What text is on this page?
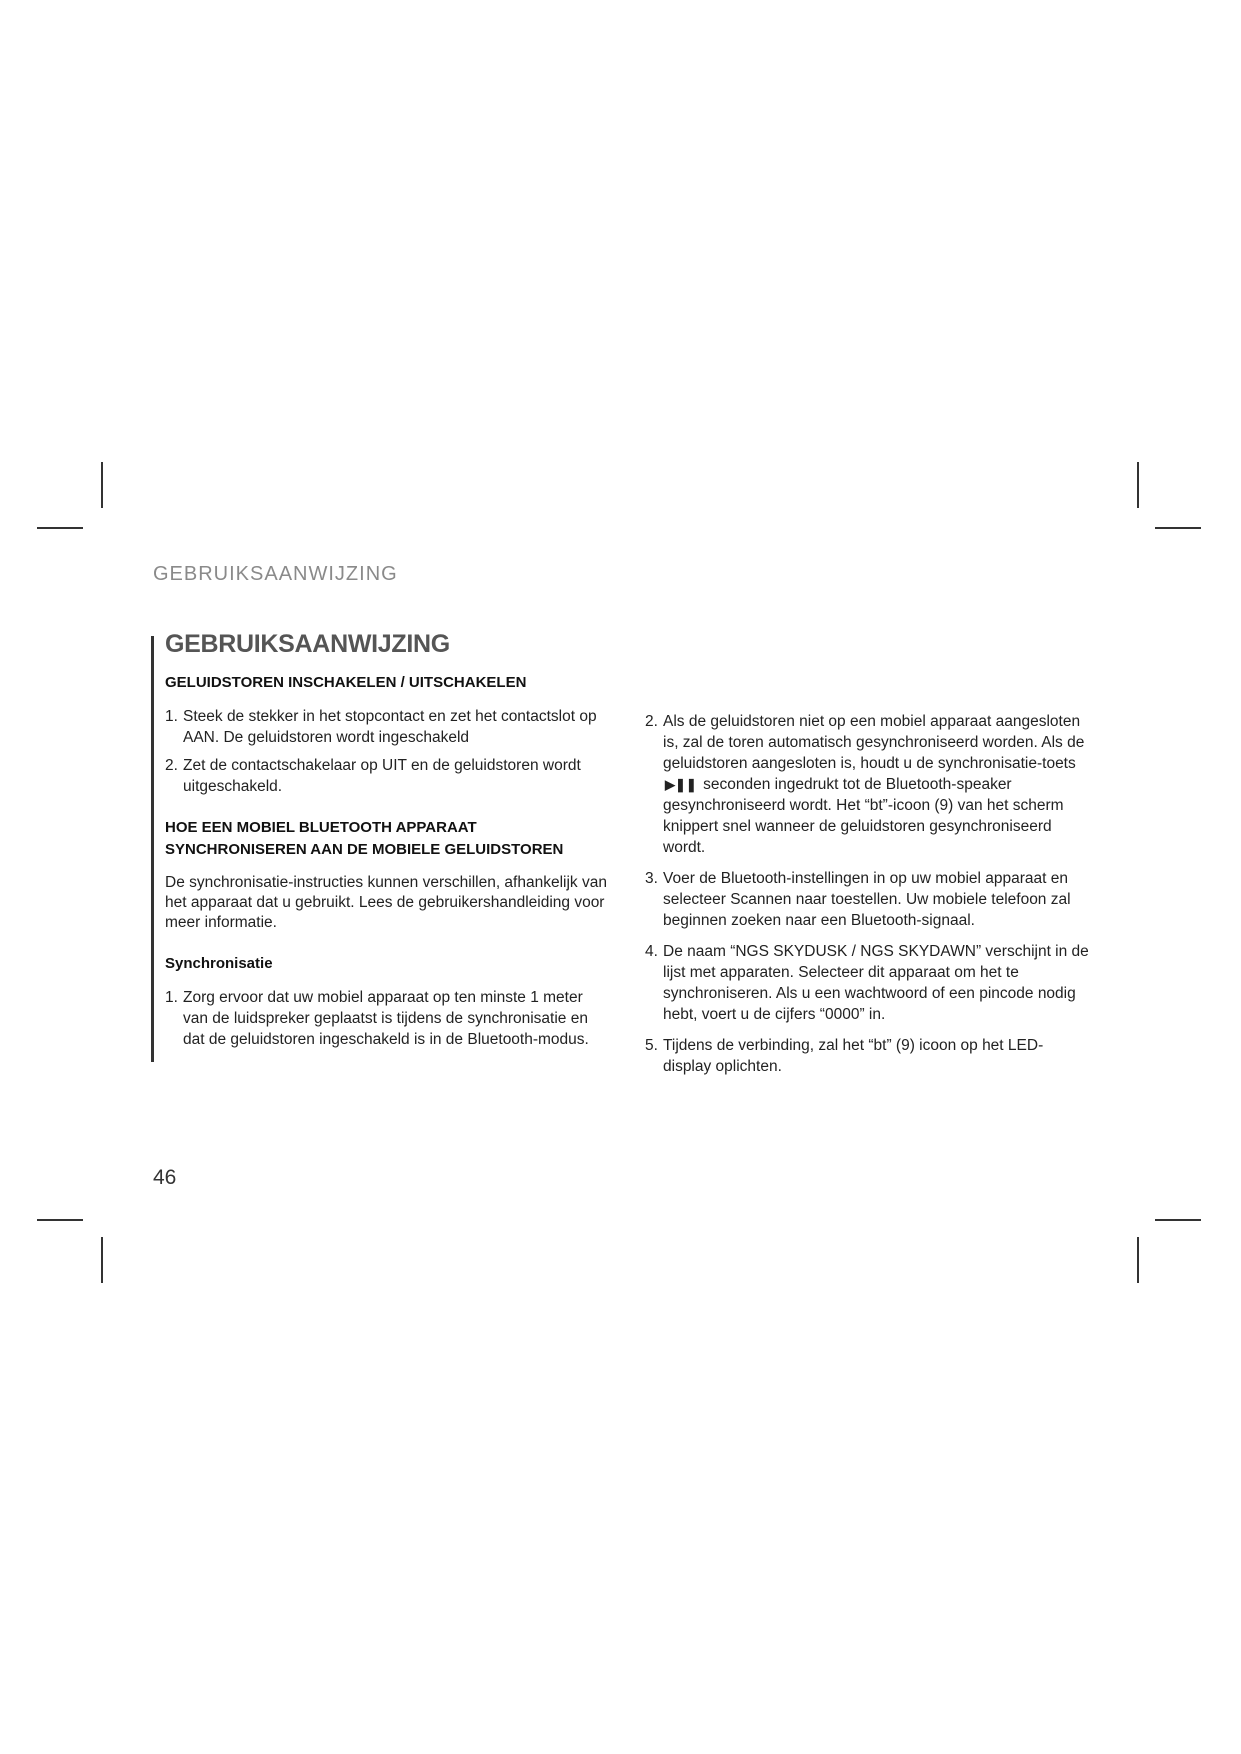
GEBRUIKSAANWIJZING
GEBRUIKSAANWIJZING
GELUIDSTOREN INSCHAKELEN / UITSCHAKELEN
1. Steek de stekker in het stopcontact en zet het contactslot op AAN. De geluidstoren wordt ingeschakeld
2. Zet de contactschakelaar op UIT en de geluidstoren wordt uitgeschakeld.
HOE EEN MOBIEL BLUETOOTH APPARAAT
SYNCHRONISEREN AAN DE MOBIELE GELUIDSTOREN

De synchronisatie-instructies kunnen verschillen, afhankelijk van het apparaat dat u gebruikt. Lees de gebruikershandleiding voor meer informatie.

Synchronisatie
1. Zorg ervoor dat uw mobiel apparaat op ten minste 1 meter van de luidspreker geplaatst is tijdens de synchronisatie en dat de geluidstoren ingeschakeld is in de Bluetooth-modus.
2. Als de geluidstoren niet op een mobiel apparaat aangesloten is, zal de toren automatisch gesynchroniseerd worden. Als de geluidstoren aangesloten is, houdt u de synchronisatie-toets ▶❚❚ seconden ingedrukt tot de Bluetooth-speaker gesynchroniseerd wordt. Het “bt”-icoon (9) van het scherm knippert snel wanneer de geluidstoren gesynchroniseerd wordt.
3. Voer de Bluetooth-instellingen in op uw mobiel apparaat en selecteer Scannen naar toestellen. Uw mobiele telefoon zal beginnen zoeken naar een Bluetooth-signaal.
4. De naam “NGS SKYDUSK / NGS SKYDAWN” verschijnt in de lijst met apparaten. Selecteer dit apparaat om het te synchroniseren. Als u een wachtwoord of een pincode nodig hebt, voert u de cijfers “0000” in.
5. Tijdens de verbinding, zal het “bt” (9) icoon op het LED-display oplichten.
46
